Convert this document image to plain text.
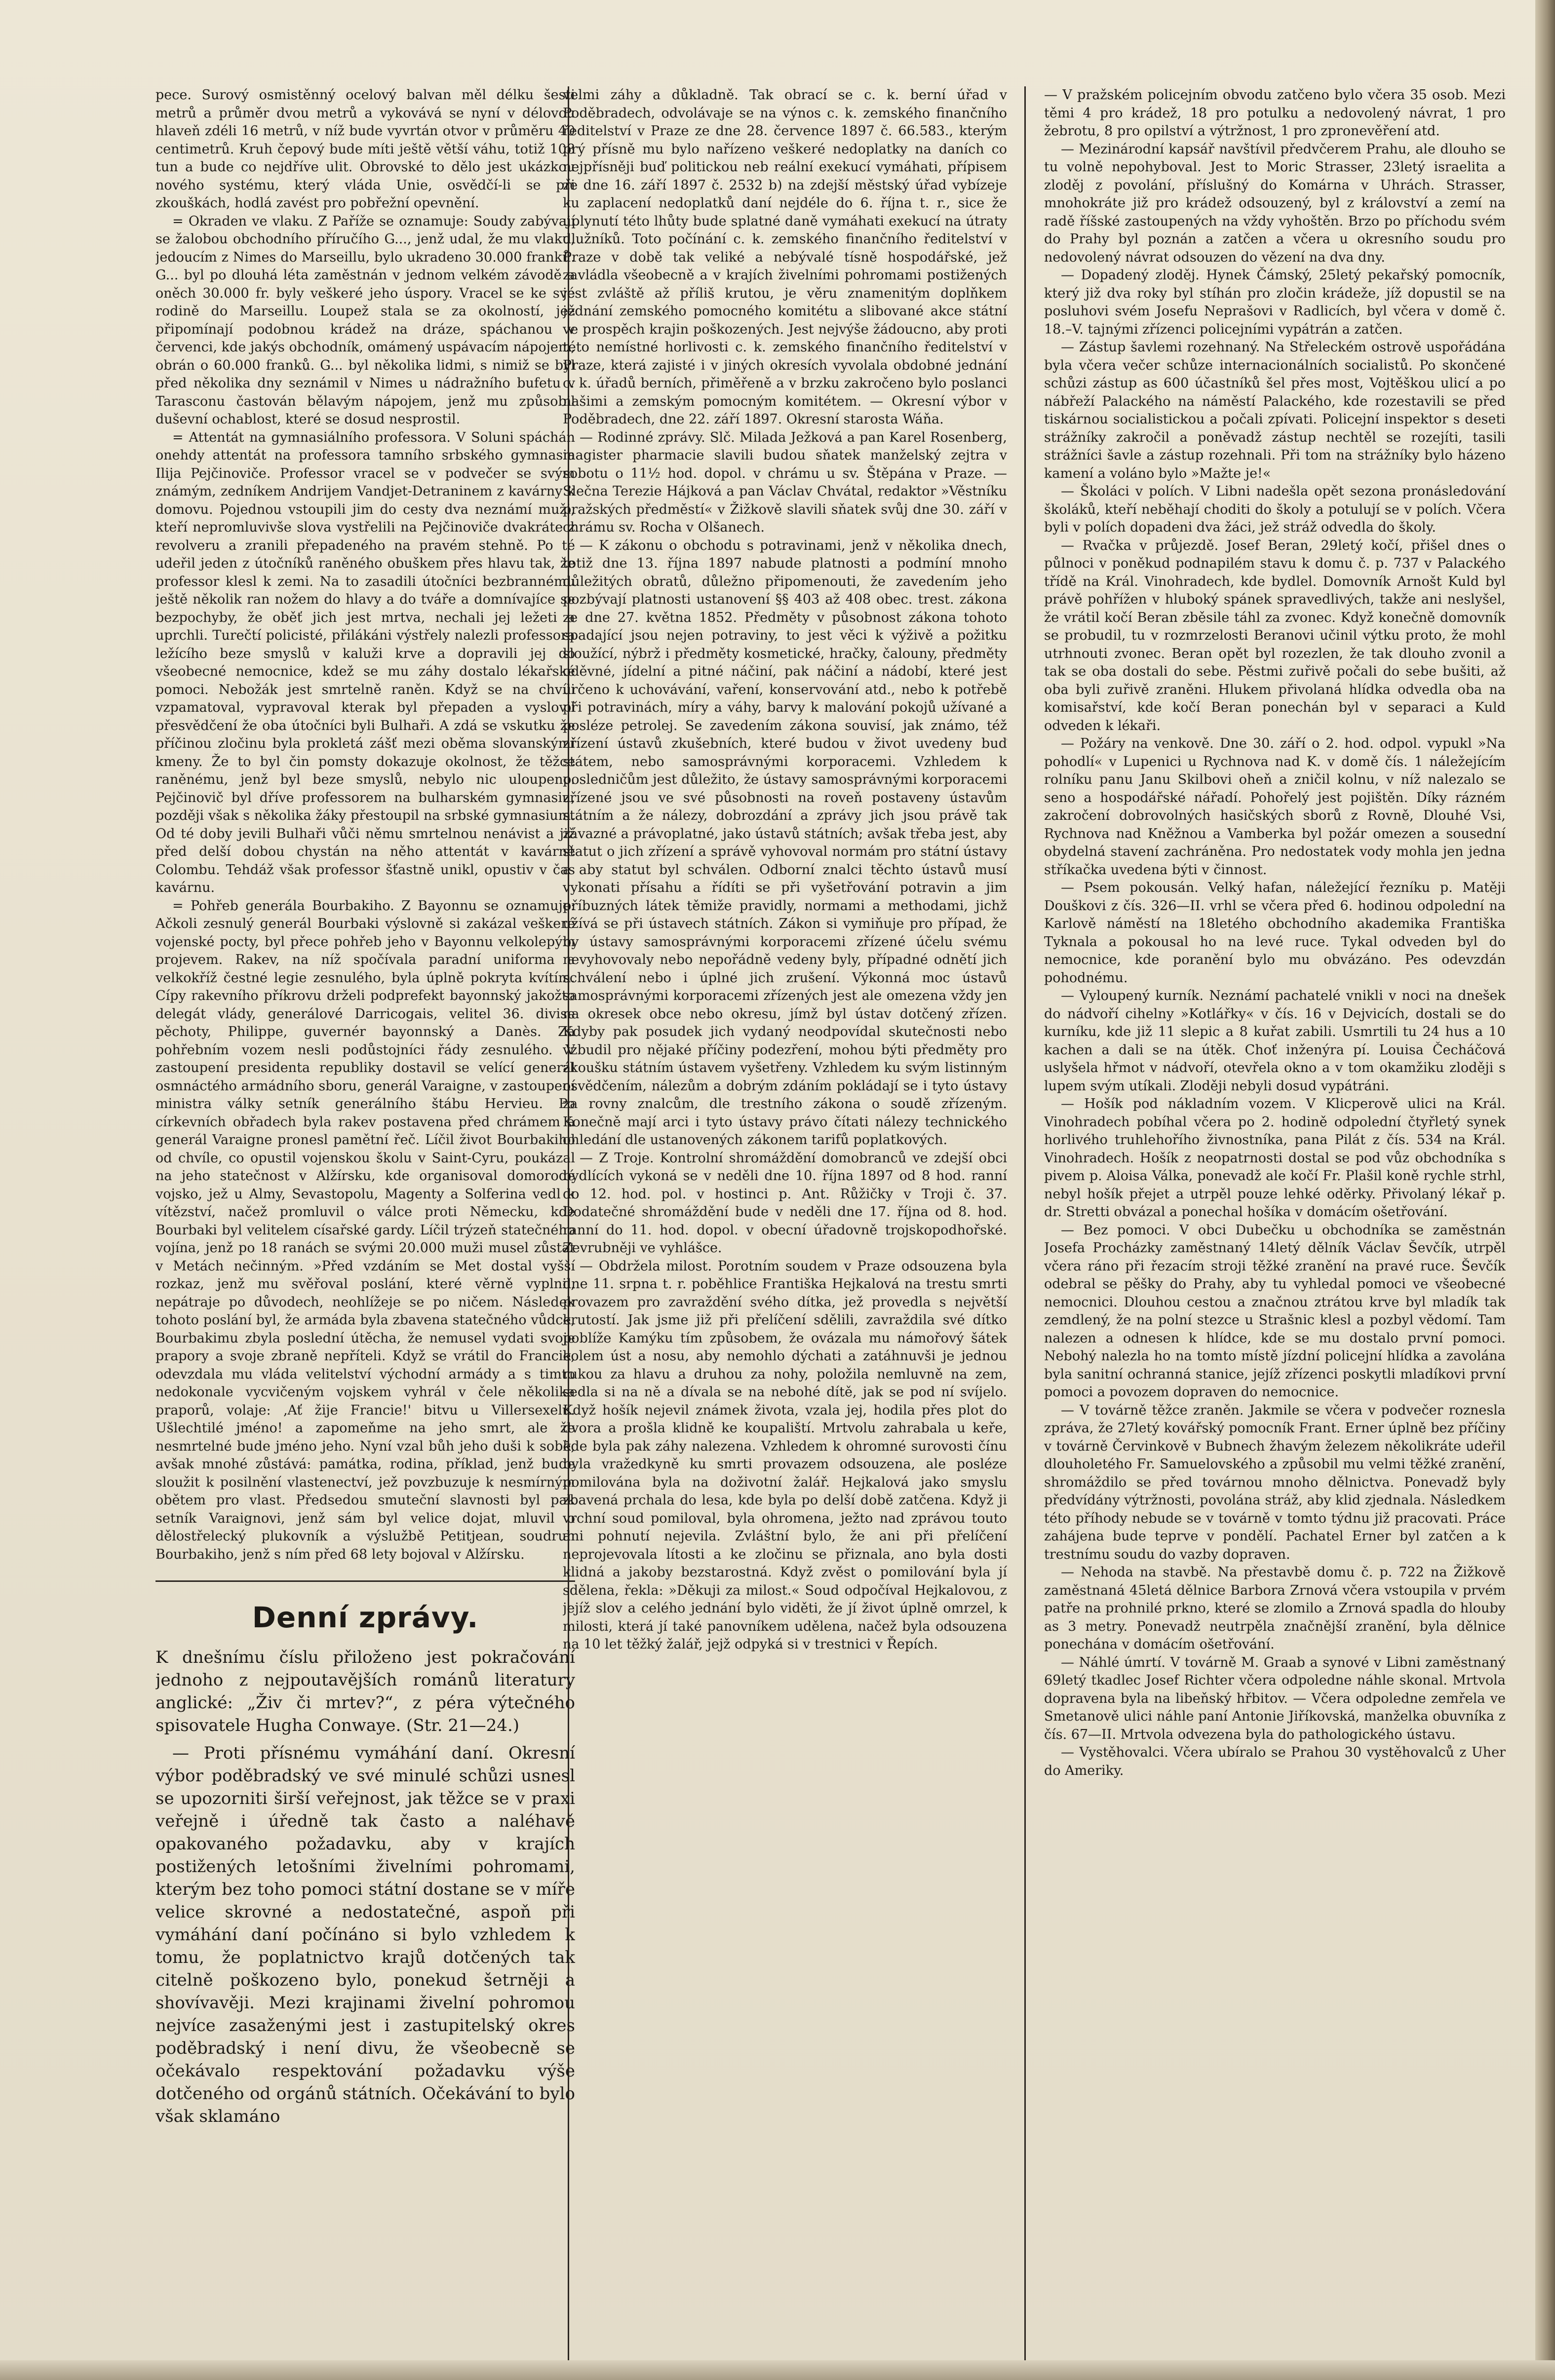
pece. Surový osmistěnný ocelový balvan měl délku šesti metrů a průměr dvou metrů a vykovává se nyní v délovou hlaveň zdéli 16 metrů, v níž bude vyvrtán otvor v průměru 40 centimetrů. Kruh čepový bude míti ještě větší váhu, totiž 108 tun a bude co nejdříve ulit. Obrovské to dělo jest ukázkou nového systému, který vláda Unie, osvědčí-li se při zkouškách, hodlá zavést pro pobřežní opevnění.

= Okraden ve vlaku. Z Paříže se oznamuje: Soudy zabývají se žalobou obchodního příručího G..., jenž udal, že mu vlaku, jedoucím z Nimes do Marseillu, bylo ukradeno 30.000 franků. G... byl po dlouhá léta zaměstnán v jednom velkém závodě a oněch 30.000 fr. byly veškeré jeho úspory. Vracel se ke své rodině do Marseillu. Loupež stala se za okolností, jež připomínají podobnou krádež na dráze, spáchanou v červenci, kde jakýs obchodník, omámený uspávacím nápojem, obrán o 60.000 franků. G... byl několika lidmi, s nimiž se byl před několika dny seznámil v Nimes u nádražního bufetu v Tarasconu častován bělavým nápojem, jenž mu způsobil duševní ochablost, které se dosud nesprostil.

= Attentát na gymnasiálního professora. V Soluni spáchán onehdy attentát na professora tamního srbského gymnasia Ilija Pejčinoviče. Professor vracel se v podvečer se svým známým, zedníkem Andrijem Vandjet-Detraninem z kavárny k domovu. Pojednou vstoupili jim do cesty dva neznámí muži, kteří nepromluvivše slova vystřelili na Pejčinoviče dvakráte z revolveru a zranili přepadeného na pravém stehně. Po té udeřil jeden z útočníků raněného obuškem přes hlavu tak, že professor klesl k zemi. Na to zasadili útočníci bezbrannému ještě několik ran nožem do hlavy a do tváře a domnívajíce se bezpochyby, že oběť jich jest mrtva, nechali jej ležeti a uprchli. Turečtí policisté, přilákáni výstřely nalezli professora ležícího beze smyslů v kaluži krve a dopravili jej do všeobecné nemocnice, kdež se mu záhy dostalo lékařské pomoci. Nebožák jest smrtelně raněn. Když se na chvíli vzpamatoval, vypravoval kterak byl přepaden a vyslovil přesvědčení že oba útočníci byli Bulhaři. A zdá se vskutku že příčinou zločinu byla prokletá zášť mezi oběma slovanskými kmeny. Že to byl čin pomsty dokazuje okolnost, že těžce raněnému, jenž byl beze smyslů, nebylo nic uloupeno. Pejčinovič byl dříve professorem na bulharském gymnasiu, později však s několika žáky přestoupil na srbské gymnasium. Od té doby jevili Bulhaři vůči němu smrtelnou nenávist a již před delší dobou chystán na něho attentát v kavárně Colombu. Tehdáž však professor šťastně unikl, opustiv v čas kavárnu.

= Pohřeb generála Bourbakiho. Z Bayonnu se oznamuje: Ačkoli zesnulý generál Bourbaki výslovně si zakázal veškeré vojenské pocty, byl přece pohřeb jeho v Bayonnu velkolepým projevem. Rakev, na níž spočívala paradní uniforma a velkokříž čestné legie zesnulého, byla úplně pokryta kvítím. Cípy rakevního příkrovu drželi podprefekt bayonnský jakožto delegát vlády, generálové Darricogais, velitel 36. divise pěchoty, Philippe, guvernér bayonnský a Danès. Za pohřebním vozem nesli podůstojníci řády zesnulého. V zastoupení presidenta republiky dostavil se velící generál osmnáctého armádního sboru, generál Varaigne, v zastoupení ministra války setník generálního štábu Hervieu. Po církevních obřadech byla rakev postavena před chrámem a generál Varaigne pronesl pamětní řeč. Líčil život Bourbakiho od chvíle, co opustil vojenskou školu v Saint-Cyru, poukázal na jeho statečnost v Alžírsku, kde organisoval domorodé vojsko, jež u Almy, Sevastopolu, Magenty a Solferina vedl k vítězství, načež promluvil o válce proti Německu, kde Bourbaki byl velitelem císařské gardy. Líčil trýzeň statečného vojína, jenž po 18 ranách se svými 20.000 muži musel zůstat v Metách nečinným. »Před vzdáním se Met dostal vyšší rozkaz, jenž mu svěřoval poslání, které věrně vyplnil, nepátraje po důvodech, neohlížeje se po ničem. Následek tohoto poslání byl, že armáda byla zbavena statečného vůdce, Bourbakimu zbyla poslední útěcha, že nemusel vydati svoje prapory a svoje zbraně nepříteli. Když se vrátil do Francie, odevzdala mu vláda velitelství východní armády a s timto nedokonale vycvičeným vojskem vyhrál v čele několika praporů, volaje: ‚Ať žije Francie!' bitvu u Villersexelu. Ušlechtilé jméno! a zapomeňme na jeho smrt, ale že nesmrtelné bude jméno jeho. Nyní vzal bůh jeho duši k sobě, avšak mnohé zůstává: památka, rodina, příklad, jenž bude sloužit k posilnění vlastenectví, jež povzbuzuje k nesmírným obětem pro vlast. Předsedou smuteční slavnosti byl pak setník Varaignovi, jenž sám byl velice dojat, mluvil o dělostřelecký plukovník a výslužbě Petitjean, soudruh Bourbakiho, jenž s ním před 68 lety bojoval v Alžírsku.

Denní zprávy.

K dnešnímu číslu přiloženo jest pokračování jednoho z nejpoutavějších románů literatury anglické: „Živ či mrtev?“, z péra výtečného spisovatele Hugha Conwaye. (Str. 21—24.)

— Proti přísnému vymáhání daní. Okresní výbor poděbradský ve své minulé schůzi usnesl se upozorniti širší veřejnost, jak těžce se v praxi veřejně i úředně tak často a naléhavě opakovaného požadavku, aby v krajích postižených letošními živelními pohromami, kterým bez toho pomoci státní dostane se v míře velice skrovné a nedostatečné, aspoň při vymáhání daní počínáno si bylo vzhledem k tomu, že poplatnictvo krajů dotčených tak citelně poškozeno bylo, ponekud šetrněji a shovívavěji. Mezi krajinami živelní pohromou nejvíce zasaženými jest i zastupitelský okres poděbradský i není divu, že všeobecně se očekávalo respektování požadavku výše dotčeného od orgánů státních. Očekávání to bylo však sklamáno

velmi záhy a důkladně. Tak obrací se c. k. berní úřad v Poděbradech, odvolávaje se na výnos c. k. zemského finančního ředitelství v Praze ze dne 28. července 1897 č. 66.583., kterým prý přísně mu bylo nařízeno veškeré nedoplatky na daních co nejpřísněji buď politickou neb reální exekucí vymáhati, přípisem ze dne 16. září 1897 č. 2532 b) na zdejší městský úřad vybízeje ku zaplacení nedoplatků daní nejdéle do 6. října t. r., sice že uplynutí této lhůty bude splatné daně vymáhati exekucí na útraty dlužníků. Toto počínání c. k. zemského finančního ředitelství v Praze v době tak veliké a nebývalé tísně hospodářské, jež zavládla všeobecně a v krajích živelními pohromami postižených jest zvláště až příliš krutou, je věru znamenitým doplňkem jednání zemského pomocného komitétu a slibované akce státní ve prospěch krajin poškozených. Jest nejvýše žádoucno, aby proti této nemístné horlivosti c. k. zemského finančního ředitelství v Praze, která zajisté i v jiných okresích vyvolala obdobné jednání c. k. úřadů berních, přiměřeně a v brzku zakročeno bylo poslanci našimi a zemským pomocným komitétem. — Okresní výbor v Poděbradech, dne 22. září 1897. Okresní starosta Wáňa.

— Rodinné zprávy. Slč. Milada Ježková a pan Karel Rosenberg, magister pharmacie slavili budou sňatek manželský zejtra v sobotu o 11½ hod. dopol. v chrámu u sv. Štěpána v Praze. — Slečna Terezie Hájková a pan Václav Chvátal, redaktor »Věstníku pražských předměstí« v Žižkově slavili sňatek svůj dne 30. září v chrámu sv. Rocha v Olšanech.

— K zákonu o obchodu s potravinami, jenž v několika dnech, totiž dne 13. října 1897 nabude platnosti a podmíní mnoho důležitých obratů, důležno připomenouti, že zavedením jeho pozbývají platnosti ustanovení §§ 403 až 408 obec. trest. zákona ze dne 27. května 1852. Předměty v působnost zákona tohoto spadající jsou nejen potraviny, to jest věci k výživě a požitku sloužící, nýbrž i předměty kosmetické, hračky, čalouny, předměty oděvné, jídelní a pitné náčiní, pak náčiní a nádobí, které jest určeno k uchovávání, vaření, konservování atd., nebo k potřebě při potravinách, míry a váhy, barvy k malování pokojů užívané a posléze petrolej. Se zavedením zákona souvisí, jak známo, též zřízení ústavů zkušebních, které budou v život uvedeny buď státem, nebo samosprávnými korporacemi. Vzhledem k posledničům jest důležito, že ústavy samosprávnými korporacemi zřízené jsou ve své působnosti na roveň postaveny ústavům státním a že nálezy, dobrozdání a zprávy jich jsou právě tak závazné a právoplatné, jako ústavů státních; avšak třeba jest, aby statut o jich zřízení a správě vyhovoval normám pro státní ústavy a aby statut byl schválen. Odborní znalci těchto ústavů musí vykonati přísahu a řídíti se při vyšetřování potravin a jim příbuzných látek těmiže pravidly, normami a methodami, jichž užívá se při ústavech státních. Zákon si vymiňuje pro případ, že by ústavy samosprávnými korporacemi zřízené účelu svému nevyhovovaly nebo nepořádně vedeny byly, případné odnětí jich schválení nebo i úplné jich zrušení. Výkonná moc ústavů samosprávnými korporacemi zřízených jest ale omezena vždy jen na okresek obce nebo okresu, jímž byl ústav dotčený zřízen. Kdyby pak posudek jich vydaný neodpovídal skutečnosti nebo vzbudil pro nějaké příčiny podezření, mohou býti předměty pro zkoušku státním ústavem vyšetřeny. Vzhledem ku svým listinným osvědčením, nálezům a dobrým zdáním pokládají se i tyto ústavy za rovny znalcům, dle trestního zákona o soudě zřízeným. Konečně mají arci i tyto ústavy právo čítati nálezy technického ohledání dle ustanovených zákonem tarifů poplatkových.

— Z Troje. Kontrolní shromáždění domobranců ve zdejší obci bydlících vykoná se v neděli dne 10. října 1897 od 8 hod. ranní do 12. hod. pol. v hostinci p. Ant. Růžičky v Troji č. 37. Dodatečné shromáždění bude v neděli dne 17. října od 8. hod. ranní do 11. hod. dopol. v obecní úřadovně trojskopodhořské. Zevrubněji ve vyhlášce.

— Obdržela milost. Porotním soudem v Praze odsouzena byla dne 11. srpna t. r. poběhlice Františka Hejkalová na trestu smrti provazem pro zavraždění svého dítka, jež provedla s největší krutostí. Jak jsme již při přelíčení sdělili, zavraždila své dítko poblíže Kamýku tím způsobem, že ovázala mu námořový šátek kolem úst a nosu, aby nemohlo dýchati a zatáhnuvši je jednou rukou za hlavu a druhou za nohy, položila nemluvně na zem, sedla si na ně a dívala se na nebohé dítě, jak se pod ní svíjelo. Když hošík nejevil známek života, vzala jej, hodila přes plot do dvora a prošla klidně ke koupaliští. Mrtvolu zahrabala u keře, kde byla pak záhy nalezena. Vzhledem k ohromné surovosti čínu byla vražedkyně ku smrti provazem odsouzena, ale posléze pomilována byla na doživotní žalář. Hejkalová jako smyslu zbavená prchala do lesa, kde byla po delší době zatčena. Když ji vrchní soud pomiloval, byla ohromena, ježto nad zprávou touto ani pohnutí nejevila. Zvláštní bylo, že ani při přelíčení neprojevovala lítosti a ke zločinu se přiznala, ano byla dosti klidná a jakoby bezstarostná. Když zvěst o pomilování byla jí sdělena, řekla: »Děkuji za milost.« Soud odpočíval Hejkalovou, z jejíž slov a celého jednání bylo viděti, že jí život úplně omrzel, k milosti, která jí také panovníkem udělena, načež byla odsouzena na 10 let těžký žalář, jejž odpyká si v trestnici v Řepích.

— V pražském policejním obvodu zatčeno bylo včera 35 osob. Mezi těmi 4 pro krádež, 18 pro potulku a nedovolený návrat, 1 pro žebrotu, 8 pro opilství a výtržnost, 1 pro zpronevěření atd.

— Mezinárodní kapsář navštívil předvčerem Prahu, ale dlouho se tu volně nepohyboval. Jest to Moric Strasser, 23letý israelita a zloděj z povolání, příslušný do Komárna v Uhrách. Strasser, mnohokráte již pro krádež odsouzený, byl z království a zemí na radě říšské zastoupených na vždy vyhoštěn. Brzo po příchodu svém do Prahy byl poznán a zatčen a včera u okresního soudu pro nedovolený návrat odsouzen do vězení na dva dny.

— Dopadený zloděj. Hynek Čámský, 25letý pekařský pomocník, který již dva roky byl stíhán pro zločin krádeže, jíž dopustil se na posluhovi svém Josefu Neprašovi v Radlicích, byl včera v domě č. 18.–V. tajnými zřízenci policejními vypátrán a zatčen.

— Zástup šavlemi rozehnaný. Na Střeleckém ostrově uspořádána byla včera večer schůze internacionálních socialistů. Po skončené schůzi zástup as 600 účastníků šel přes most, Vojtěškou ulicí a po nábřeží Palackého na náměstí Palackého, kde rozestavili se před tiskárnou socialistickou a počali zpívati. Policejní inspektor s deseti strážníky zakročil a poněvadž zástup nechtěl se rozejíti, tasili strážníci šavle a zástup rozehnali. Při tom na strážníky bylo házeno kamení a voláno bylo »Mažte je!«

— Školáci v polích. V Libni nadešla opět sezona pronásledování školáků, kteří neběhají choditi do školy a potulují se v polích. Včera byli v polích dopadeni dva žáci, jež stráž odvedla do školy.

— Rvačka v průjezdě. Josef Beran, 29letý kočí, přišel dnes o půlnoci v poněkud podnapilém stavu k domu č. p. 737 v Palackého třídě na Král. Vinohradech, kde bydlel. Domovník Arnošt Kuld byl právě pohřížen v hluboký spánek spravedlivých, takže ani neslyšel, že vrátil kočí Beran zběsile táhl za zvonec. Když konečně domovník se probudil, tu v rozmrzelosti Beranovi učinil výtku proto, že mohl utrhnouti zvonec. Beran opět byl rozezlen, že tak dlouho zvonil a tak se oba dostali do sebe. Pěstmi zuřivě počali do sebe bušiti, až oba byli zuřivě zraněni. Hlukem přivolaná hlídka odvedla oba na komisařství, kde kočí Beran ponechán byl v separaci a Kuld odveden k lékaři.

— Požáry na venkově. Dne 30. září o 2. hod. odpol. vypukl »Na pohodlí« v Lupenici u Rychnova nad K. v domě čís. 1 náležejícím rolníku panu Janu Skilbovi oheň a zničil kolnu, v níž nalezalo se seno a hospodářské nářadí. Pohořelý jest pojištěn. Díky rázném zakročení dobrovolných hasičských sborů z Rovně, Dlouhé Vsi, Rychnova nad Kněžnou a Vamberka byl požár omezen a sousední obydelná stavení zachráněna. Pro nedostatek vody mohla jen jedna stříkačka uvedena býti v činnost.

— Psem pokousán. Velký hafan, náležející řezníku p. Matěji Douškovi z čís. 326—II. vrhl se včera před 6. hodinou odpolední na Karlově náměstí na 18letého obchodního akademika Františka Tyknala a pokousal ho na levé ruce. Tykal odveden byl do nemocnice, kde poranění bylo mu obvázáno. Pes odevzdán pohodnému.

— Vyloupený kurník. Neznámí pachatelé vnikli v noci na dnešek do nádvoří cihelny »Kotlářky« v čís. 16 v Dejvicích, dostali se do kurníku, kde již 11 slepic a 8 kuřat zabili. Usmrtili tu 24 hus a 10 kachen a dali se na útěk. Choť inženýra pí. Louisa Čecháčová uslyšela hřmot v nádvoří, otevřela okno a v tom okamžiku zloději s lupem svým utíkali. Zloději nebyli dosud vypátráni.

— Hošík pod nákladním vozem. V Klicperově ulici na Král. Vinohradech pobíhal včera po 2. hodině odpolední čtyřletý synek horlivého truhlehořího živnostníka, pana Pilát z čís. 534 na Král. Vinohradech. Hošík z neopatrnosti dostal se pod vůz obchodníka s pivem p. Aloisa Válka, ponevadž ale kočí Fr. Plašil koně rychle strhl, nebyl hošík přejet a utrpěl pouze lehké oděrky. Přivolaný lékař p. dr. Stretti obvázal a ponechal hošíka v domácím ošetřování.

— Bez pomoci. V obci Dubečku u obchodníka se zaměstnán Josefa Procházky zaměstnaný 14letý dělník Václav Ševčík, utrpěl včera ráno při řezacím stroji těžké zranění na pravé ruce. Ševčík odebral se pěšky do Prahy, aby tu vyhledal pomoci ve všeobecné nemocnici. Dlouhou cestou a značnou ztrátou krve byl mladík tak zemdlený, že na polní stezce u Strašnic klesl a pozbyl vědomí. Tam nalezen a odnesen k hlídce, kde se mu dostalo první pomoci. Nebohý nalezla ho na tomto místě jízdní policejní hlídka a zavolána byla sanitní ochranná stanice, jejíž zřízenci poskytli mladíkovi první pomoci a povozem dopraven do nemocnice.

— V továrně těžce zraněn. Jakmile se včera v podvečer roznesla zpráva, že 27letý kovářský pomocník Frant. Erner úplně bez příčiny v továrně Červinkově v Bubnech žhavým železem několikráte udeřil dlouholetého Fr. Samuelovského a způsobil mu velmi těžké zranění, shromáždilo se před továrnou mnoho dělnictva. Ponevadž byly předvídány výtržnosti, povolána stráž, aby klid zjednala. Následkem této příhody nebude se v továrně v tomto týdnu již pracovati. Práce zahájena bude teprve v pondělí. Pachatel Erner byl zatčen a k trestnímu soudu do vazby dopraven.

— Nehoda na stavbě. Na přestavbě domu č. p. 722 na Žižkově zaměstnaná 45letá dělnice Barbora Zrnová včera vstoupila v prvém patře na prohnilé prkno, které se zlomilo a Zrnová spadla do hlouby as 3 metry. Ponevadž neutrpěla značnější zranění, byla dělnice ponechána v domácím ošetřování.

— Náhlé úmrtí. V továrně M. Graab a synové v Libni zaměstnaný 69letý tkadlec Josef Richter včera odpoledne náhle skonal. Mrtvola dopravena byla na libeňský hřbitov. — Včera odpoledne zemřela ve Smetanově ulici náhle paní Antonie Jiříkovská, manželka obuvníka z čís. 67—II. Mrtvola odvezena byla do pathologického ústavu.

— Vystěhovalci. Včera ubíralo se Prahou 30 vystěhovalců z Uher do Ameriky.
